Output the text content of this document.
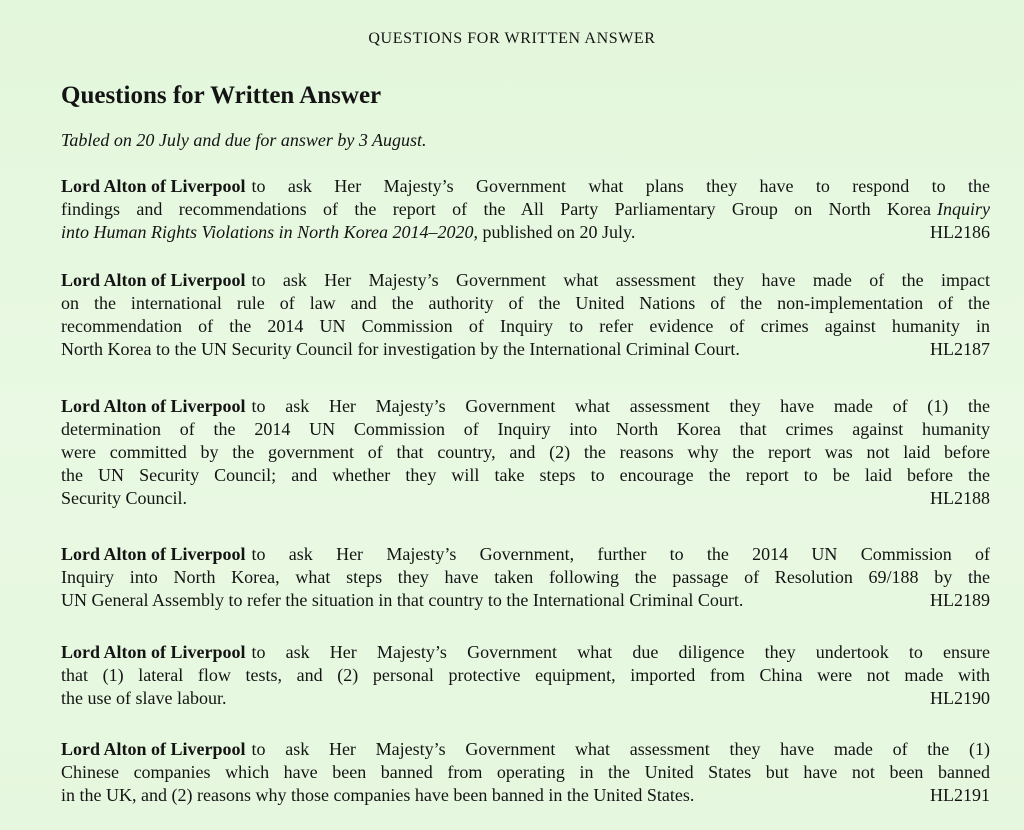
QUESTIONS FOR WRITTEN ANSWER
Questions for Written Answer
Tabled on 20 July and due for answer by 3 August.
Lord Alton of Liverpool to ask Her Majesty’s Government what plans they have to respond to the
findings and recommendations of the report of the All Party Parliamentary Group on North Korea Inquiry
into Human Rights Violations in North Korea 2014–2020, published on 20 July.	HL2186
Lord Alton of Liverpool to ask Her Majesty’s Government what assessment they have made of the impact
on the international rule of law and the authority of the United Nations of the non-implementation of the
recommendation of the 2014 UN Commission of Inquiry to refer evidence of crimes against humanity in
North Korea to the UN Security Council for investigation by the International Criminal Court.	HL2187
Lord Alton of Liverpool to ask Her Majesty’s Government what assessment they have made of (1) the
determination of the 2014 UN Commission of Inquiry into North Korea that crimes against humanity
were committed by the government of that country, and (2) the reasons why the report was not laid before
the UN Security Council; and whether they will take steps to encourage the report to be laid before the
Security Council.	HL2188
Lord Alton of Liverpool to ask Her Majesty’s Government, further to the 2014 UN Commission of
Inquiry into North Korea, what steps they have taken following the passage of Resolution 69/188 by the
UN General Assembly to refer the situation in that country to the International Criminal Court.	HL2189
Lord Alton of Liverpool to ask Her Majesty’s Government what due diligence they undertook to ensure
that (1) lateral flow tests, and (2) personal protective equipment, imported from China were not made with
the use of slave labour.	HL2190
Lord Alton of Liverpool to ask Her Majesty’s Government what assessment they have made of the (1)
Chinese companies which have been banned from operating in the United States but have not been banned
in the UK, and (2) reasons why those companies have been banned in the United States.	HL2191
